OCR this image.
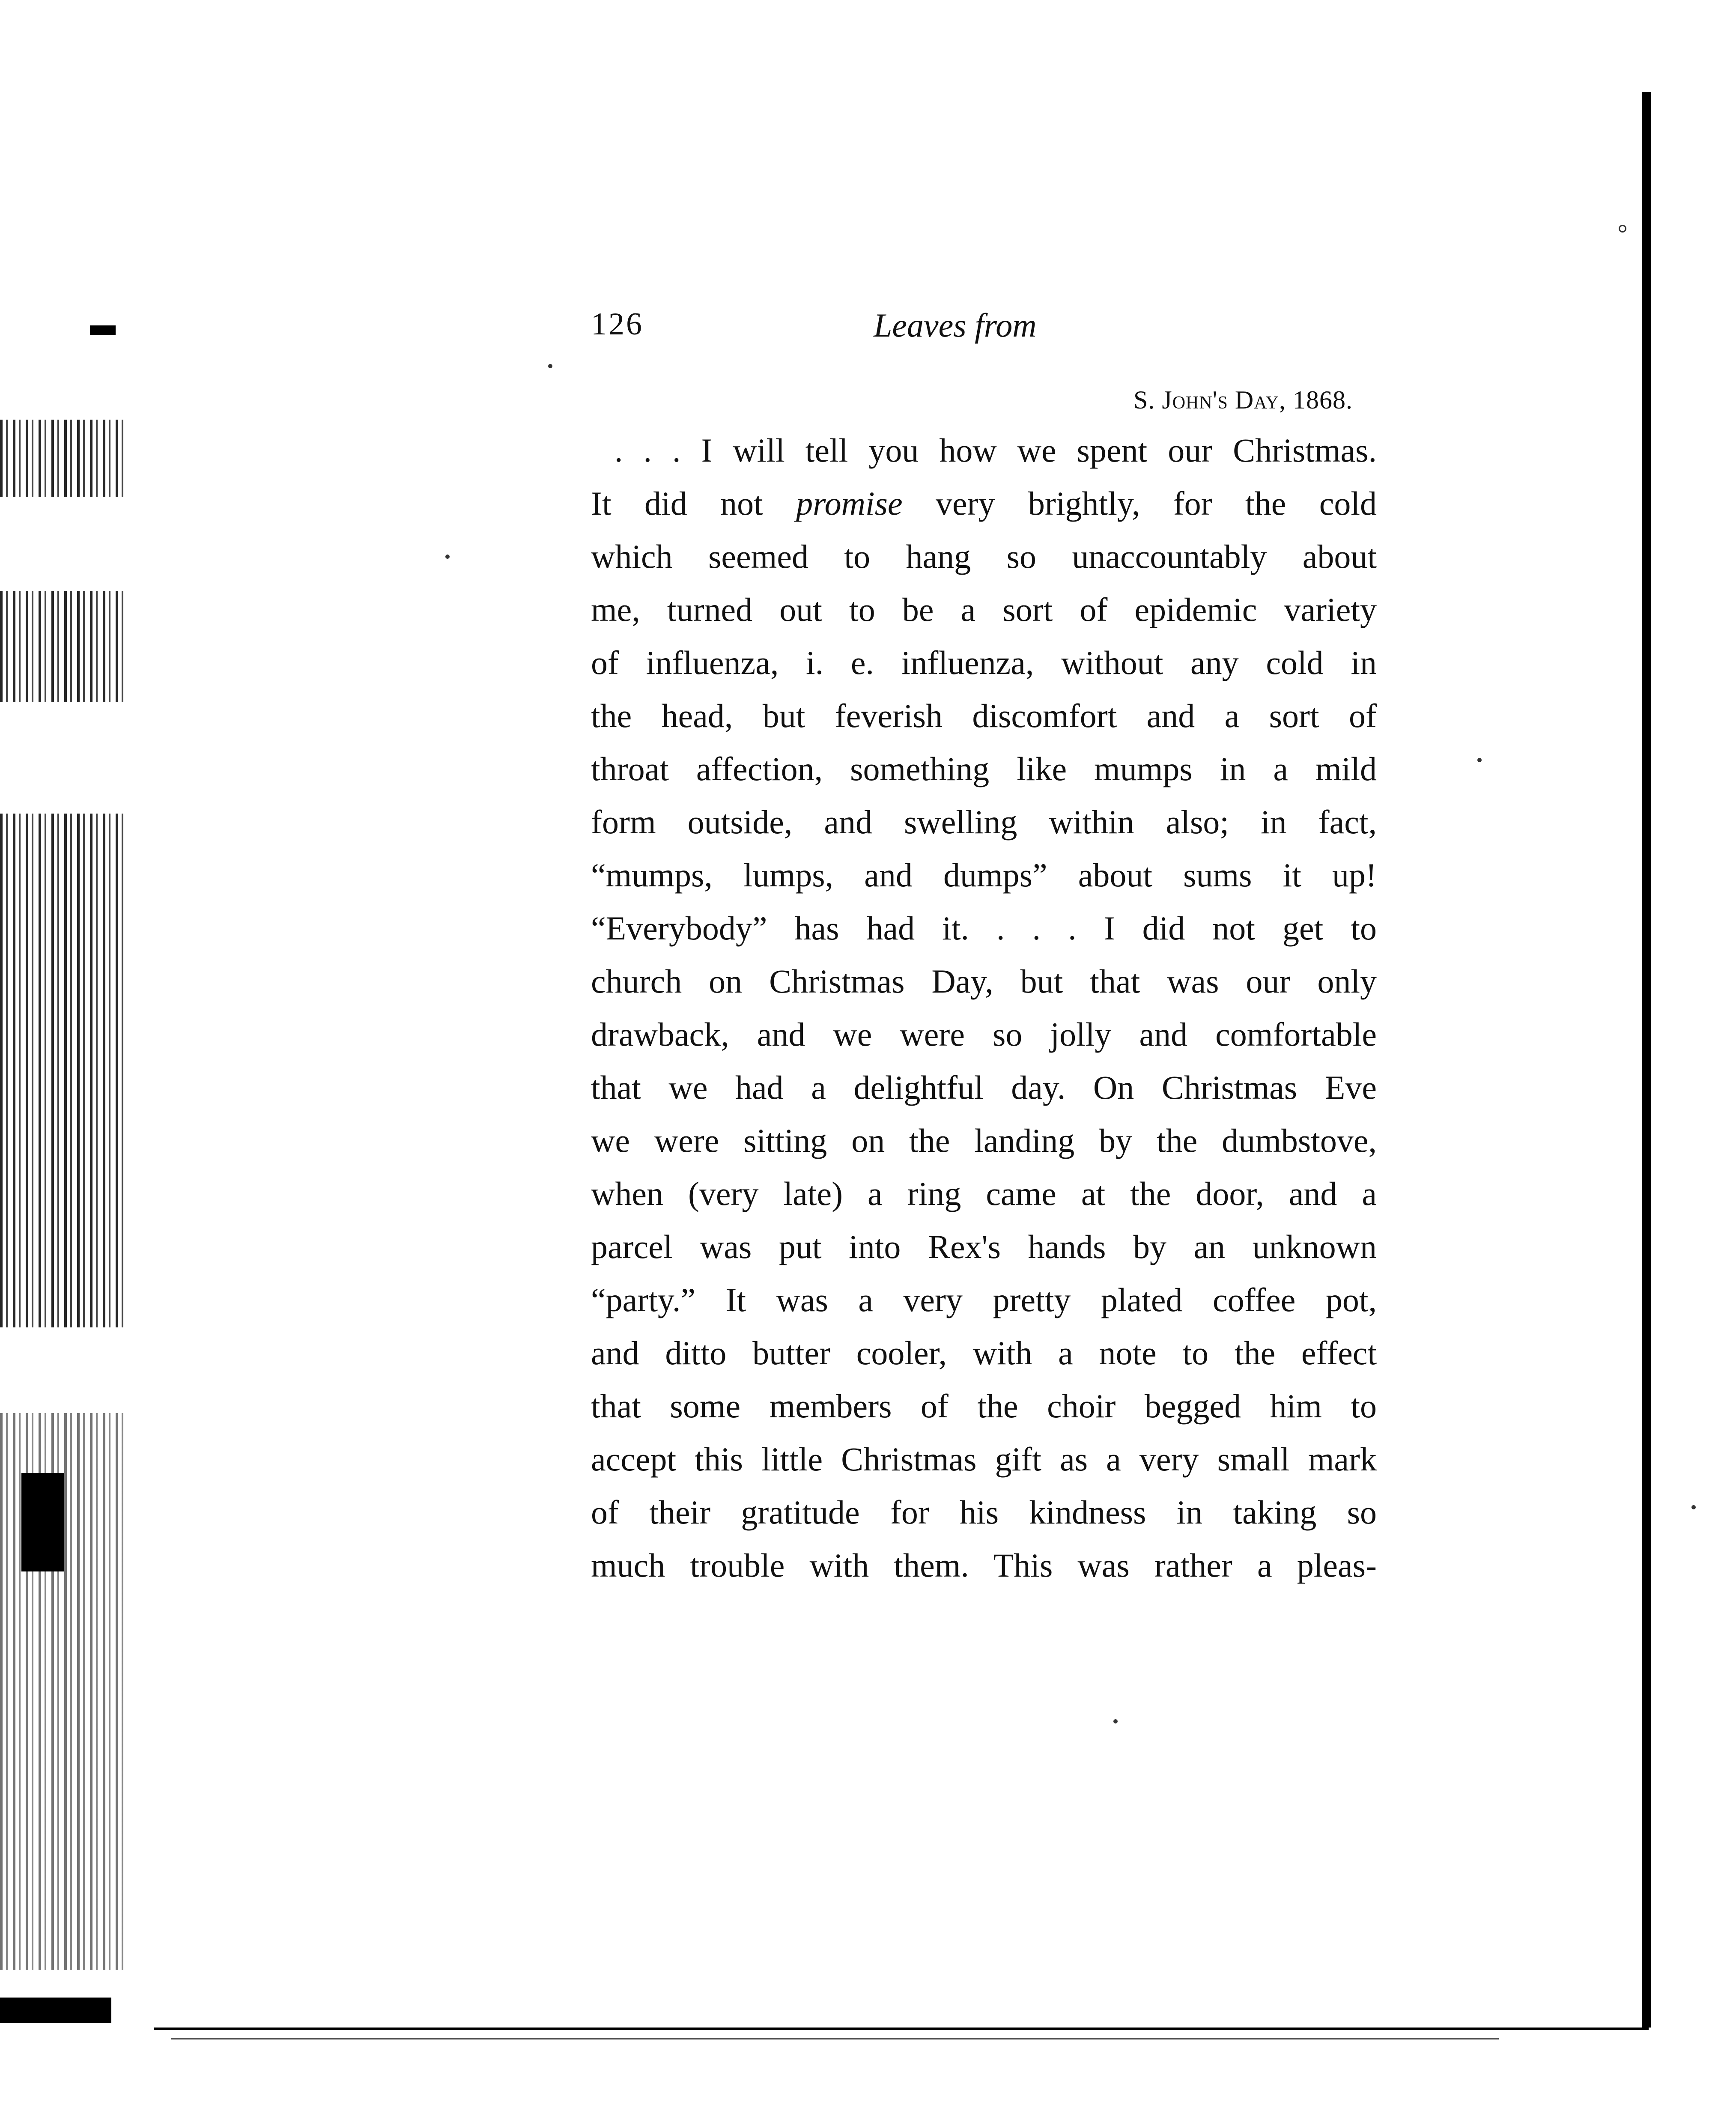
126	Leaves from
S. John's Day, 1868.
. . . I will tell you how we spent our Christmas.
It did not promise very brightly, for the cold
which seemed to hang so unaccountably about
me, turned out to be a sort of epidemic variety
of influenza, i. e. influenza, without any cold in
the head, but feverish discomfort and a sort of
throat affection, something like mumps in a mild
form outside, and swelling within also; in fact,
“mumps, lumps, and dumps” about sums it up!
“Everybody” has had it. . . . I did not get to
church on Christmas Day, but that was our only
drawback, and we were so jolly and comfortable
that we had a delightful day. On Christmas Eve
we were sitting on the landing by the dumbstove,
when (very late) a ring came at the door, and a
parcel was put into Rex's hands by an unknown
“party.” It was a very pretty plated coffee pot,
and ditto butter cooler, with a note to the effect
that some members of the choir begged him to
accept this little Christmas gift as a very small mark
of their gratitude for his kindness in taking so
much trouble with them. This was rather a pleas-
